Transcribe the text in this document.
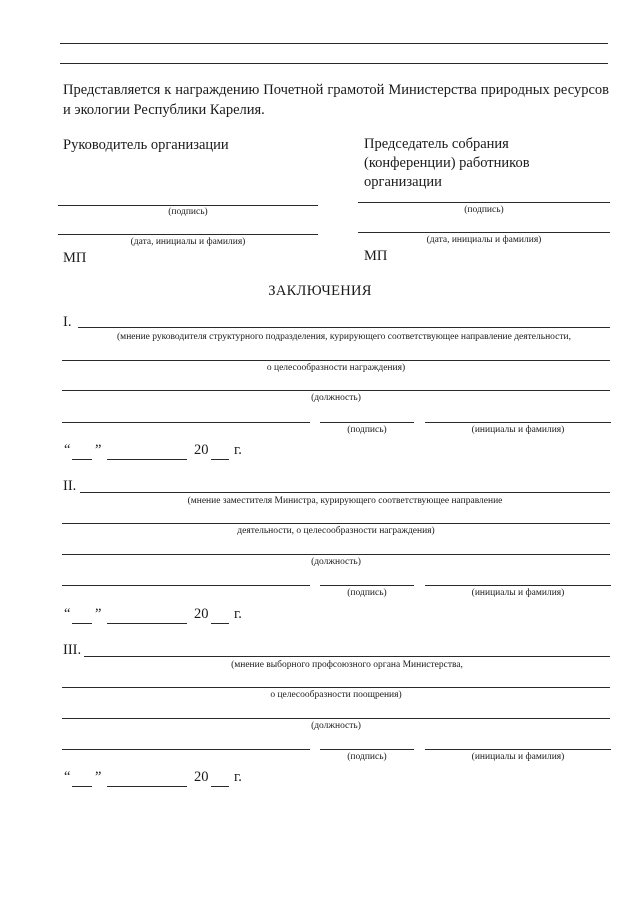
Представляется к награждению Почетной грамотой Министерства природных ресурсов и экологии Республики Карелия.
Руководитель организации
(подпись)
(дата, инициалы и фамилия)
МП
Председатель собрания
(конференции) работников
организации
(подпись)
(дата, инициалы и фамилия)
МП
ЗАКЛЮЧЕНИЯ
I.
(мнение руководителя структурного подразделения, курирующего соответствующее направление деятельности,
о целесообразности награждения)
(должность)
(подпись)	(инициалы и фамилия)
“ ”	20 г.
II.
(мнение заместителя Министра, курирующего соответствующее направление
деятельности, о целесообразности награждения)
(должность)
(подпись)	(инициалы и фамилия)
“ ”	20 г.
III.
(мнение выборного профсоюзного органа Министерства,
о целесообразности поощрения)
(должность)
(подпись)	(инициалы и фамилия)
“ ”	20 г.
